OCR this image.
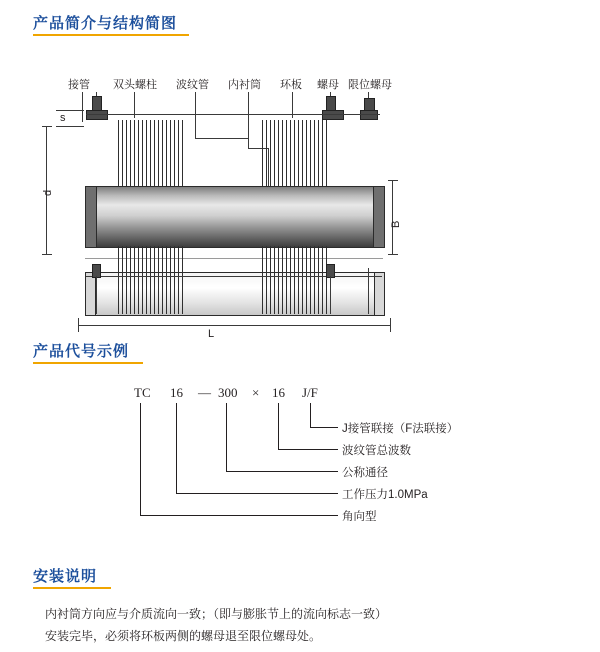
产品简介与结构简图
接管 双头螺柱 波纹管 内衬筒 环板 螺母 限位螺母
s
d
B
L
产品代号示例
TC 16 — 300 × 16 J/F
J接管联接（F法联接）
波纹管总波数
公称通径
工作压力1.0MPa
角向型
安装说明
内衬筒方向应与介质流向一致；（即与膨胀节上的流向标志一致）
安装完毕，必须将环板两侧的螺母退至限位螺母处。
